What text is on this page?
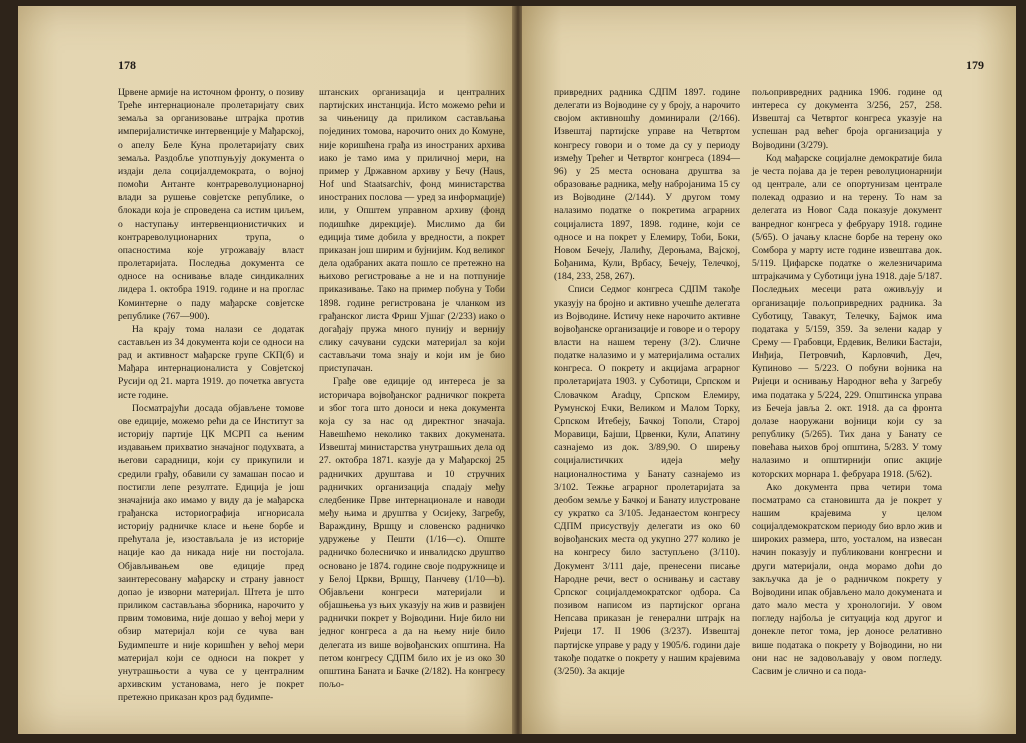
178

Црвене армије на источном фронту, о позиву Треће интернационале пролетаријату свих земаља за организовање штрајка против империјалистичке интервенције у Мађарској, о апелу Беле Куна пролетаријату свих земаља. Раздобље употпуњују документа о издаји дела социјалдемократа, о војној помоћи Антанте контрареволуционарној влади за рушење совјетске републике, о блокади која је спроведена са истим циљем, о наступању интервенционистичких и контрареволуционарних трупа, о опасностима које угрожавају власт пролетаријата. Последња документа се односе на оснивање владе синдикалних лидера 1. октобра 1919. године и на проглас Коминтерне о паду мађарске совјетске републике (767—900).

На крају тома налази се додатак састављен из 34 документа који се односи на рад и активност мађарске групе СКП(б) и Мађара интернационалиста у Совјетској Русији од 21. марта 1919. до почетка августа исте године.

Посматрајући досада објављене томове ове едиције, можемо рећи да се Институт за историју партије ЦК МСРП са њеним издавањем прихватио значајног подухвата, а његови сарадници, који су прикупили и средили грађу, обавили су замашан посао и постигли лепе резултате. Едиција је још значајнија ако имамо у виду да је мађарска грађанска историографија игнорисала историју радничке класе и њене борбе и прећутала је, изостављала је из историје нације као да никада није ни постојала. Објављивањем ове едиције пред заинтересовану мађарску и страну јавност допао је изворни материјал. Штета је што приликом састављања зборника, нарочито у првим томовима, није дошао у већој мери у обзир материјал који се чува ван Будимпеште и није коришћен у већој мери материјал који се односи на покрет у унутрашњости а чува се у централним архивским установама, него је покрет претежно приказан кроз рад будимпе-

штанских организација и централних партијских инстанција. Исто можемо рећи и за чињеницу да приликом састављања појединих томова, нарочито оних до Комуне, није коришћена грађа из иностраних архива иако је тамо има у приличној мери, на пример у Државном архиву у Бечу (Haus, Hof und Staatsarchiv, фонд министарства иностраних послова — уред за информације) или, у Општем управном архиву (фонд подишћке дирекције). Мислимо да би едиција тиме добила у вредности, а покрет приказан још ширим и бујнијим. Код великог дела одабраних аката пошло се претежно на њихово регистровање а не и на потпуније приказивање. Тако на пример побуна у Тоби 1898. године регистрована је чланком из грађанског листа Фриш Ујшаг (2/233) иако о догађају пружа много пунију и вернију слику сачувани судски материјал за који састављачи тома знају и који им је био приступачан.

Грађе ове едиције од интереса је за историчара војвођанског радничког покрета и због тога што доноси и нека документа која су за нас од директног значаја. Навешћемо неколико таквих докумената. Извештај министарства унутрашњих дела од 27. октобра 1871. казује да у Мађарској 25 радничких друштава и 10 стручних радничких организација спадају међу следбенике Прве интернационале и наводи међу њима и друштва у Осијеку, Загребу, Вараждину, Вршцу и словенско радничко удружење у Пешти (1/16—с). Опште радничко болесничко и инвалидско друштво основано је 1874. године своје подружнице и у Белој Цркви, Вршцу, Панчеву (1/10—b). Објављени конгреси материјали и објашњења уз њих указују на жив и развијен раднички покрет у Војводини. Није било ни једног конгреса а да на њему није било делегата из више војвођанских општина. На петом конгресу СДПМ било их је из око 30 општина Баната и Бачке (2/182). На конгресу пољо-

179

привредних радника СДПМ 1897. године делегати из Војводине су у броју, а нарочито својом активношћу доминирали (2/166). Извештај партијске управе на Четвртом конгресу говори и о томе да су у периоду између Трећег и Четвртог конгреса (1894—96) у 25 места основана друштва за образовање радника, међу набројанима 15 су из Војводине (2/144). У другом тому налазимо податке о покретима аграрних социјалиста 1897, 1898. године, који се односе и на покрет у Елемиру, Тоби, Боки, Новом Бечеју, Лалићу, Дероњама, Вајској, Бођанима, Кули, Врбасу, Бечеју, Телечкој, (184, 233, 258, 267).

Списи Седмог конгреса СДПМ такође указују на бројно и активно учешће делегата из Војводине. Истичу неке нарочито активне војвођанске организације и говоре и о терору власти на нашем терену (3/2). Сличне податке налазимо и у материјалима осталих конгреса. О покрету и акцијама аграрног пролетаријата 1903. у Суботици, Српском и Словачком Аradцу, Српском Елемиру, Румунској Ечки, Великом и Малом Торку, Српском Итебеју, Бачкој Тополи, Старој Моравици, Бајши, Црвенки, Кули, Апатину сазнајемо из док. 3/89,90. О ширењу социјалистичких идеја међу националностима у Банату сазнајемо из 3/102. Тежње аграрног пролетаријата за деобом земље у Бачкој и Банату илустроване су укратко са 3/105. Једанаестом конгресу СДПМ присуствују делегати из око 60 војвођанских места од укупно 277 колико је на конгресу било заступљено (3/110). Документ 3/111 даје, пренесени писање Народне речи, вест о оснивању и саставу Српског социјалдемократског одбора. Са позивом написом из партијског органа Непсава приказан је генерални штрајк на Ријеци 17. II 1906 (3/237). Извештај партијске управе у раду у 1905/6. години даје такође податке о покрету у нашим крајевима (3/250). За акције

пољопривредних радника 1906. године од интереса су документа 3/256, 257, 258. Извештај са Четвртог конгреса указује на успешан рад већег броја организација у Војводини (3/279).

Код мађарске социјалне демократије била је честа појава да је терен револуционарнији од централе, али се опортунизам централе полекад одразио и на терену. То нам за делегата из Новог Сада показује документ ванредног конгреса у фебруару 1918. године (5/65). О јачању класне борбе на терену око Сомбора у марту исте године извештава док. 5/119. Цифарске податке о железничарима штрајкачима у Суботици јуна 1918. даје 5/187. Последњих месеци рата оживљују и организације пољопривредних радника. За Суботицу, Тавакут, Телечку, Бајмок има података у 5/159, 359. За зелени кадар у Срему — Грабовци, Ердевик, Велики Бастаји, Инђија, Петровчић, Карловчић, Деч, Купиново — 5/223. О побуни војника на Ријеци и оснивању Народног већа у Загребу има података у 5/224, 229. Општинска управа из Бечеја јавља 2. окт. 1918. да са фронта долазе наоружани војници који су за републику (5/265). Тих дана у Банату се повећава њихов број општина, 5/283. У тому налазимо и општирнији опис акције которских морнара 1. фебруара 1918. (5/62).

Ако документа прва четири тома посматрамо са становишта да је покрет у нашим крајевима у целом социјалдемократском периоду био врло жив и широких размера, што, уосталом, на извесан начин показују и публиковани конгресни и други материјали, онда морамо доћи до закључка да је о радничком покрету у Војводини ипак објављено мало докумената и дато мало места у хронологији. У овом погледу најбоља је ситуација код другог и донекле петог тома, јер доносе релативно више података о покрету у Војводини, но ни они нас не задовољавају у овом погледу. Сасвим је слично и са пода-
